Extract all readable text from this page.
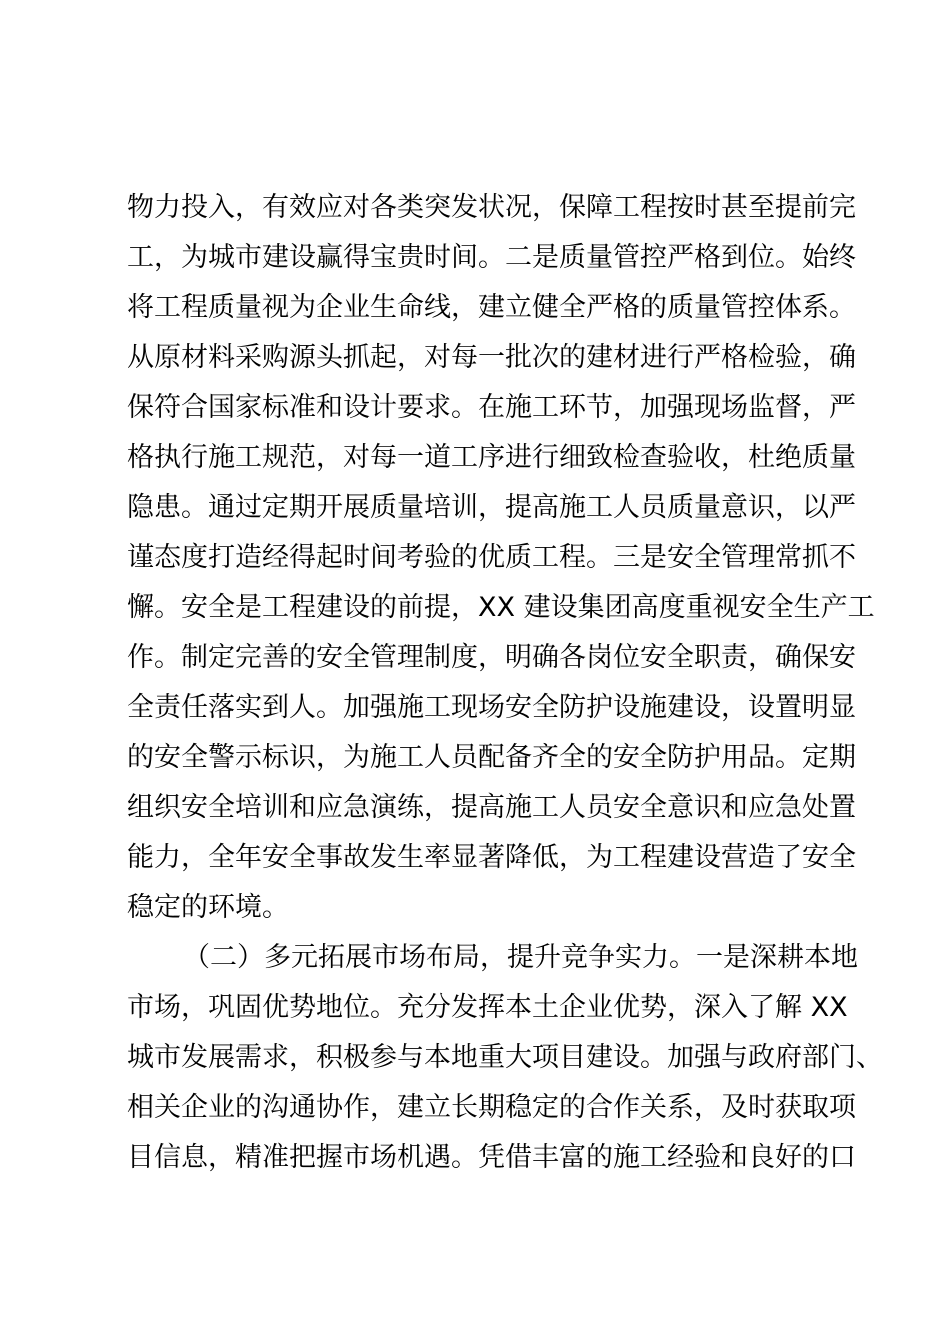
物力投入，有效应对各类突发状况，保障工程按时甚至提前完
工，为城市建设赢得宝贵时间。二是质量管控严格到位。始终
将工程质量视为企业生命线，建立健全严格的质量管控体系。
从原材料采购源头抓起，对每一批次的建材进行严格检验，确
保符合国家标准和设计要求。在施工环节，加强现场监督，严
格执行施工规范，对每一道工序进行细致检查验收，杜绝质量
隐患。通过定期开展质量培训，提高施工人员质量意识，以严
谨态度打造经得起时间考验的优质工程。三是安全管理常抓不
懈。安全是工程建设的前提，XX 建设集团高度重视安全生产工
作。制定完善的安全管理制度，明确各岗位安全职责，确保安
全责任落实到人。加强施工现场安全防护设施建设，设置明显
的安全警示标识，为施工人员配备齐全的安全防护用品。定期
组织安全培训和应急演练，提高施工人员安全意识和应急处置
能力，全年安全事故发生率显著降低，为工程建设营造了安全
稳定的环境。
（二）多元拓展市场布局，提升竞争实力。一是深耕本地
市场，巩固优势地位。充分发挥本土企业优势，深入了解 XX
城市发展需求，积极参与本地重大项目建设。加强与政府部门、
相关企业的沟通协作，建立长期稳定的合作关系，及时获取项
目信息，精准把握市场机遇。凭借丰富的施工经验和良好的口
